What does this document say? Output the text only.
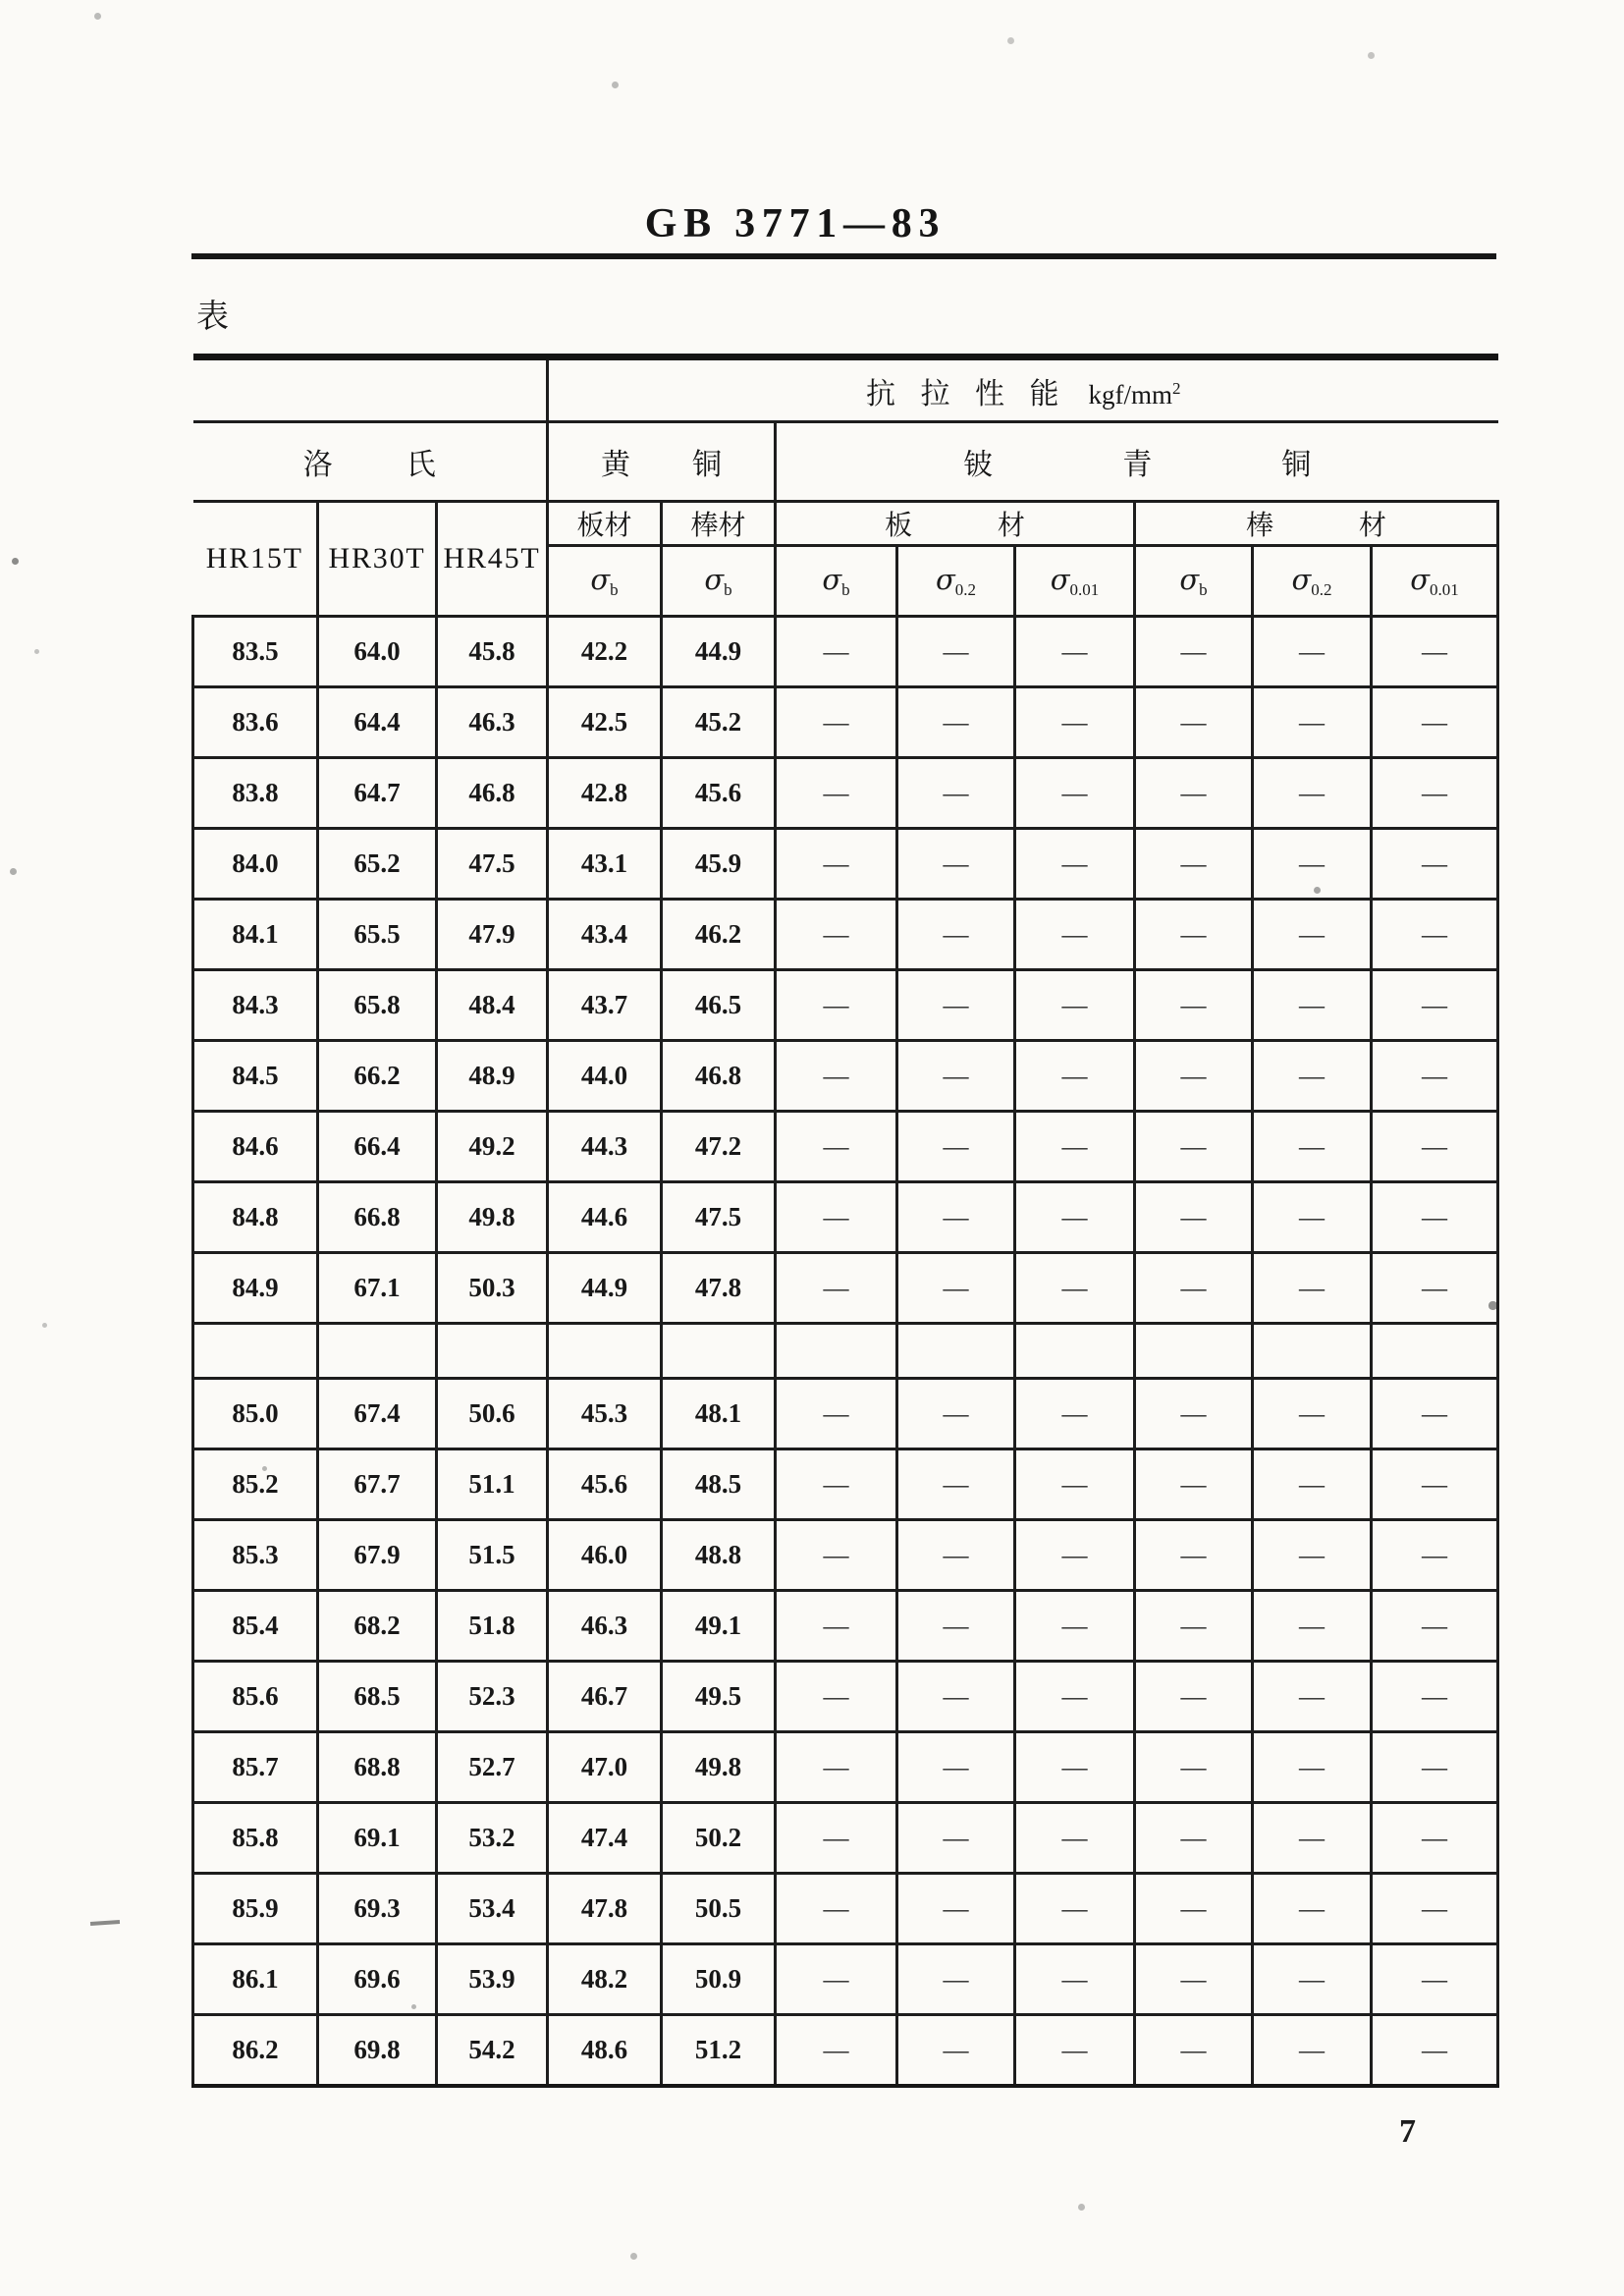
GB 3771—83
表
			抗拉性能 kgf/$mm^2$
洛氏			黄铜		铍青铜					
HR15T	HR30T	HR45T	板材	棒材	板材			棒材		
			$\sigma_b$	$\sigma_b$	$\sigma_b$	$\sigma_{0.2}$	$\sigma_{0.01}$	$\sigma_b$	$\sigma_{0.2}$	$\sigma_{0.01}$
83.5	64.0	45.8	42.2	44.9	—	—	—	—	—	—
83.6	64.4	46.3	42.5	45.2	—	—	—	—	—	—
83.8	64.7	46.8	42.8	45.6	—	—	—	—	—	—
84.0	65.2	47.5	43.1	45.9	—	—	—	—	—	—
84.1	65.5	47.9	43.4	46.2	—	—	—	—	—	—
84.3	65.8	48.4	43.7	46.5	—	—	—	—	—	—
84.5	66.2	48.9	44.0	46.8	—	—	—	—	—	—
84.6	66.4	49.2	44.3	47.2	—	—	—	—	—	—
84.8	66.8	49.8	44.6	47.5	—	—	—	—	—	—
84.9	67.1	50.3	44.9	47.8	—	—	—	—	—	—

85.0	67.4	50.6	45.3	48.1	—	—	—	—	—	—
85.2	67.7	51.1	45.6	48.5	—	—	—	—	—	—
85.3	67.9	51.5	46.0	48.8	—	—	—	—	—	—
85.4	68.2	51.8	46.3	49.1	—	—	—	—	—	—
85.6	68.5	52.3	46.7	49.5	—	—	—	—	—	—
85.7	68.8	52.7	47.0	49.8	—	—	—	—	—	—
85.8	69.1	53.2	47.4	50.2	—	—	—	—	—	—
85.9	69.3	53.4	47.8	50.5	—	—	—	—	—	—
86.1	69.6	53.9	48.2	50.9	—	—	—	—	—	—
86.2	69.8	54.2	48.6	51.2	—	—	—	—	—	—
7
